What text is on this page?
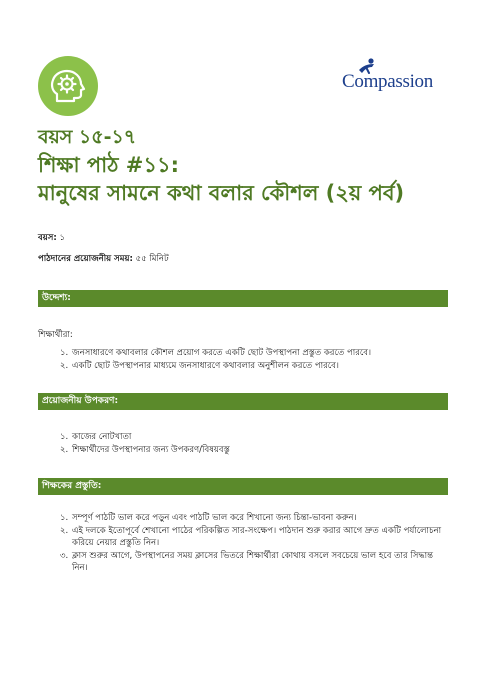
Compassion
বয়স ১৫-১৭
শিক্ষা পাঠ #১১:
মানুষের সামনে কথা বলার কৌশল (২য় পর্ব)
বয়স: ১
পাঠদানের প্রয়োজনীয় সময়: ৫৫ মিনিট
উদ্দেশ্য:
শিক্ষার্থীরা:
১. জনসাধারণে কথাবলার কৌশল প্রয়োগ করতে একটি ছোট উপস্থাপনা প্রস্তুত করতে পারবে।
২. একটি ছোট উপস্থাপনার মাধ্যমে জনসাধারণে কথাবলার অনুশীলন করতে পারবে।
প্রয়োজনীয় উপকরণ:
১. কাজের নোটখাতা
২. শিক্ষার্থীদের উপস্থাপনার জন্য উপকরণ/বিষয়বস্তু
শিক্ষকের প্রস্তুতি:
১. সম্পূর্ণ পাঠটি ভাল করে পড়ুন এবং পাঠটি ভাল করে শিখানো জন্য চিন্তা-ভাবনা করুন।
২. এই দলকে ইতোপূর্বে শেখানো পাঠের পরিকল্পিত সার-সংক্ষেপ। পাঠদান শুরু করার আগে দ্রুত একটি পর্যালোচনা করিয়ে নেয়ার প্রস্তুতি নিন।
৩. ক্লাস শুরুর আগে, উপস্থাপনের সময় ক্লাসের ভিতরে শিক্ষার্থীরা কোথায় বসলে সবচেয়ে ভাল হবে তার সিদ্ধান্ত নিন।
